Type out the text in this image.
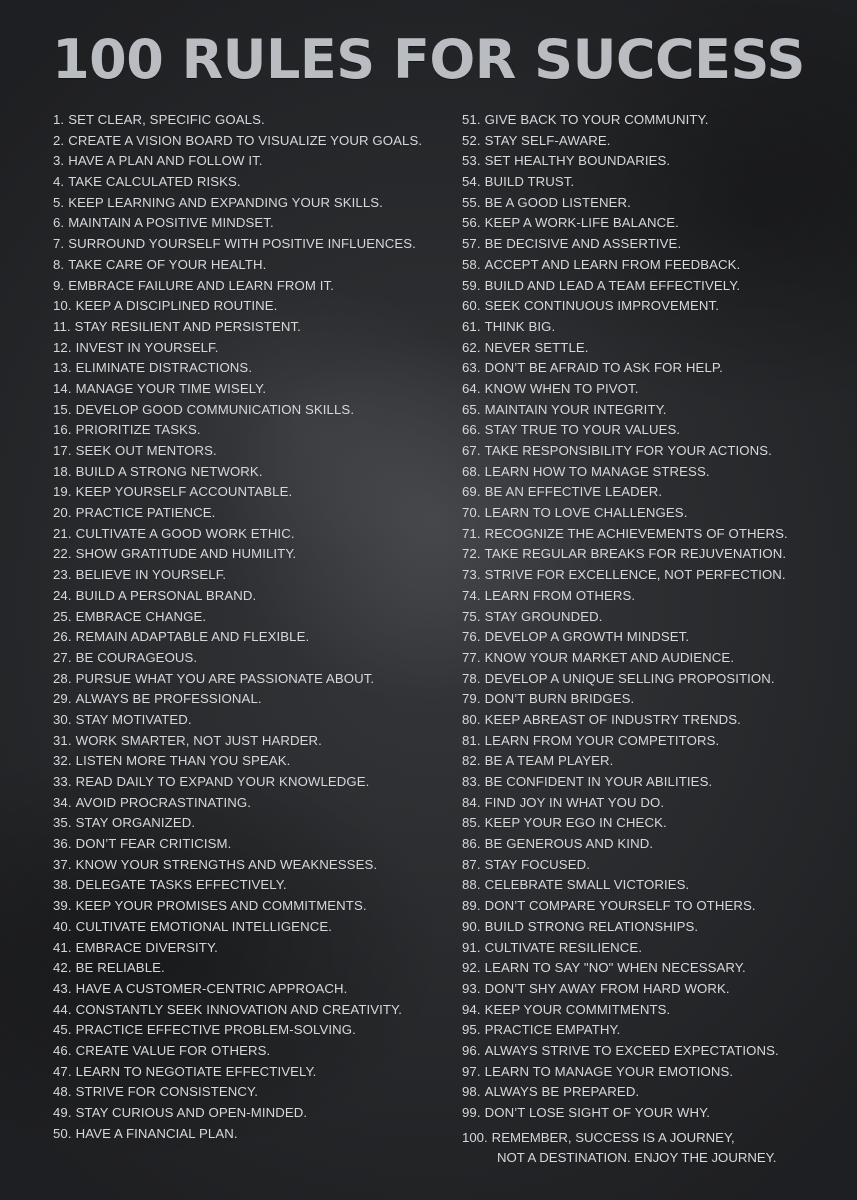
100 RULES FOR SUCCESS
1. SET CLEAR, SPECIFIC GOALS.
2. CREATE A VISION BOARD TO VISUALIZE YOUR GOALS.
3. HAVE A PLAN AND FOLLOW IT.
4. TAKE CALCULATED RISKS.
5. KEEP LEARNING AND EXPANDING YOUR SKILLS.
6. MAINTAIN A POSITIVE MINDSET.
7. SURROUND YOURSELF WITH POSITIVE INFLUENCES.
8. TAKE CARE OF YOUR HEALTH.
9. EMBRACE FAILURE AND LEARN FROM IT.
10. KEEP A DISCIPLINED ROUTINE.
11. STAY RESILIENT AND PERSISTENT.
12. INVEST IN YOURSELF.
13. ELIMINATE DISTRACTIONS.
14. MANAGE YOUR TIME WISELY.
15. DEVELOP GOOD COMMUNICATION SKILLS.
16. PRIORITIZE TASKS.
17. SEEK OUT MENTORS.
18. BUILD A STRONG NETWORK.
19. KEEP YOURSELF ACCOUNTABLE.
20. PRACTICE PATIENCE.
21. CULTIVATE A GOOD WORK ETHIC.
22. SHOW GRATITUDE AND HUMILITY.
23. BELIEVE IN YOURSELF.
24. BUILD A PERSONAL BRAND.
25. EMBRACE CHANGE.
26. REMAIN ADAPTABLE AND FLEXIBLE.
27. BE COURAGEOUS.
28. PURSUE WHAT YOU ARE PASSIONATE ABOUT.
29. ALWAYS BE PROFESSIONAL.
30. STAY MOTIVATED.
31. WORK SMARTER, NOT JUST HARDER.
32. LISTEN MORE THAN YOU SPEAK.
33. READ DAILY TO EXPAND YOUR KNOWLEDGE.
34. AVOID PROCRASTINATING.
35. STAY ORGANIZED.
36. DON’T FEAR CRITICISM.
37. KNOW YOUR STRENGTHS AND WEAKNESSES.
38. DELEGATE TASKS EFFECTIVELY.
39. KEEP YOUR PROMISES AND COMMITMENTS.
40. CULTIVATE EMOTIONAL INTELLIGENCE.
41. EMBRACE DIVERSITY.
42. BE RELIABLE.
43. HAVE A CUSTOMER-CENTRIC APPROACH.
44. CONSTANTLY SEEK INNOVATION AND CREATIVITY.
45. PRACTICE EFFECTIVE PROBLEM-SOLVING.
46. CREATE VALUE FOR OTHERS.
47. LEARN TO NEGOTIATE EFFECTIVELY.
48. STRIVE FOR CONSISTENCY.
49. STAY CURIOUS AND OPEN-MINDED.
50. HAVE A FINANCIAL PLAN.
51. GIVE BACK TO YOUR COMMUNITY.
52. STAY SELF-AWARE.
53. SET HEALTHY BOUNDARIES.
54. BUILD TRUST.
55. BE A GOOD LISTENER.
56. KEEP A WORK-LIFE BALANCE.
57. BE DECISIVE AND ASSERTIVE.
58. ACCEPT AND LEARN FROM FEEDBACK.
59. BUILD AND LEAD A TEAM EFFECTIVELY.
60. SEEK CONTINUOUS IMPROVEMENT.
61. THINK BIG.
62. NEVER SETTLE.
63. DON’T BE AFRAID TO ASK FOR HELP.
64. KNOW WHEN TO PIVOT.
65. MAINTAIN YOUR INTEGRITY.
66. STAY TRUE TO YOUR VALUES.
67. TAKE RESPONSIBILITY FOR YOUR ACTIONS.
68. LEARN HOW TO MANAGE STRESS.
69. BE AN EFFECTIVE LEADER.
70. LEARN TO LOVE CHALLENGES.
71. RECOGNIZE THE ACHIEVEMENTS OF OTHERS.
72. TAKE REGULAR BREAKS FOR REJUVENATION.
73. STRIVE FOR EXCELLENCE, NOT PERFECTION.
74. LEARN FROM OTHERS.
75. STAY GROUNDED.
76. DEVELOP A GROWTH MINDSET.
77. KNOW YOUR MARKET AND AUDIENCE.
78. DEVELOP A UNIQUE SELLING PROPOSITION.
79. DON’T BURN BRIDGES.
80. KEEP ABREAST OF INDUSTRY TRENDS.
81. LEARN FROM YOUR COMPETITORS.
82. BE A TEAM PLAYER.
83. BE CONFIDENT IN YOUR ABILITIES.
84. FIND JOY IN WHAT YOU DO.
85. KEEP YOUR EGO IN CHECK.
86. BE GENEROUS AND KIND.
87. STAY FOCUSED.
88. CELEBRATE SMALL VICTORIES.
89. DON’T COMPARE YOURSELF TO OTHERS.
90. BUILD STRONG RELATIONSHIPS.
91. CULTIVATE RESILIENCE.
92. LEARN TO SAY "NO" WHEN NECESSARY.
93. DON’T SHY AWAY FROM HARD WORK.
94. KEEP YOUR COMMITMENTS.
95. PRACTICE EMPATHY.
96. ALWAYS STRIVE TO EXCEED EXPECTATIONS.
97. LEARN TO MANAGE YOUR EMOTIONS.
98. ALWAYS BE PREPARED.
99. DON’T LOSE SIGHT OF YOUR WHY.
100. REMEMBER, SUCCESS IS A JOURNEY,
NOT A DESTINATION. ENJOY THE JOURNEY.
